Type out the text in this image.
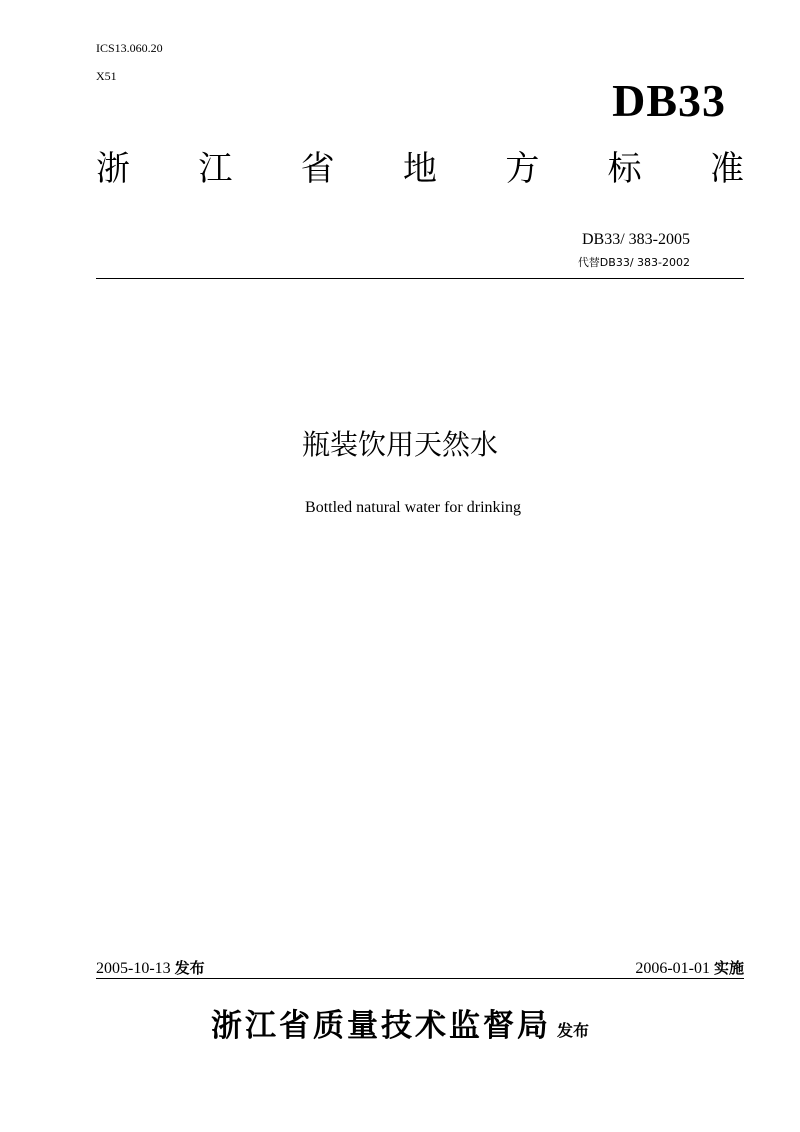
ICS13.060.20
X51	DB33
浙 江 省 地 方 标 准
DB33/ 383-2005
代替DB33/ 383-2002
瓶装饮用天然水
Bottled natural water for drinking
2005-10-13 发布	2006-01-01 实施
浙江省质量技术监督局 发布
